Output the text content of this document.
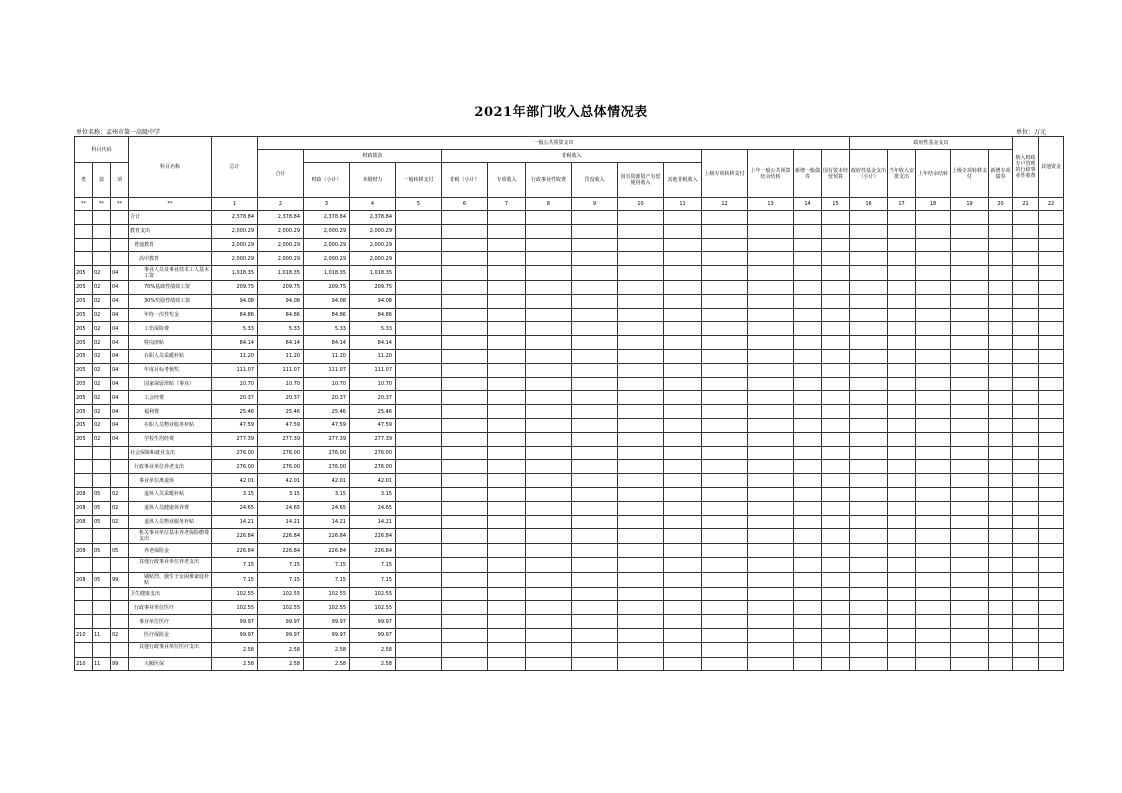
2021年部门收入总体情况表
单位名称：孟州市第一高级中学	单位：万元
科目代码			科目名称	总计	一般公共预算支出														政府性基金支出					纳入财政专户管理的行政事业性收费	其他资金
					合计	财政拨款			非税收入						上级专项转移支付	上年一般公共预算结余结转	新增一般债券	国有资本经营预算	政府性基金支出（小计）	当年收入安排支出	上年结余结转	上级专项转移支付	新增专项债券		
类	款	项				财政（小计）	本级财力	一般转移支付	非税（小计）	专项收入	行政事业性收费	罚没收入	国有资源资产有偿使用收入	其他非税收入											
**	**	**	**	1	2	3	4	5	6	7	8	9	10	11	12	13	14	15	16	17	18	19	20	21	22
			合计	2,378.84	2,378.84	2,378.84	2,378.84																		
			教育支出	2,000.29	2,000.29	2,000.29	2,000.29																		
			普通教育	2,000.29	2,000.29	2,000.29	2,000.29																		
			高中教育	2,000.29	2,000.29	2,000.29	2,000.29																		
205	02	04	事业人员及事业技术工人基本工资	1,018.35	1,018.35	1,018.35	1,018.35																		
205	02	04	70%基础性绩效工资	209.75	209.75	209.75	209.75																		
205	02	04	30%奖励性绩效工资	94.08	94.08	94.08	94.08																		
205	02	04	年终一次性奖金	84.86	84.86	84.86	84.86																		
205	02	04	工伤保险费	5.33	5.33	5.33	5.33																		
205	02	04	特岗津贴	84.14	84.14	84.14	84.14																		
205	02	04	在职人员采暖补贴	11.20	11.20	11.20	11.20																		
205	02	04	年度目标考核奖	111.07	111.07	111.07	111.07																		
205	02	04	国家保留津贴（事业）	10.70	10.70	10.70	10.70																		
205	02	04	工会经费	20.37	20.37	20.37	20.37																		
205	02	04	福利费	25.46	25.46	25.46	25.46																		
205	02	04	在职人员物业服务补贴	47.59	47.59	47.59	47.59																		
205	02	04	学校生均经费	277.39	277.39	277.39	277.39																		
			社会保障和就业支出	276.00	276.00	276.00	276.00																		
			行政事业单位养老支出	276.00	276.00	276.00	276.00																		
			事业单位离退休	42.01	42.01	42.01	42.01																		
208	05	02	退休人员采暖补贴	3.15	3.15	3.15	3.15																		
208	05	02	退休人员健康休养费	24.65	24.65	24.65	24.65																		
208	05	02	退休人员物业服务补贴	14.21	14.21	14.21	14.21																		
			机关事业单位基本养老保险缴费支出	226.84	226.84	226.84	226.84																		
208	05	05	养老保险金	226.84	226.84	226.84	226.84																		
			其他行政事业单位养老支出	7.15	7.15	7.15	7.15																		
208	05	99	铺贴烈、独生子女困难家庭补贴	7.15	7.15	7.15	7.15																		
			卫生健康支出	102.55	102.55	102.55	102.55																		
			行政事业单位医疗	102.55	102.55	102.55	102.55																		
			事业单位医疗	99.97	99.97	99.97	99.97																		
210	11	02	医疗保险金	99.97	99.97	99.97	99.97																		
			其他行政事业单位医疗支出	2.58	2.58	2.58	2.58																		
210	11	99	大额医保	2.58	2.58	2.58	2.58																		
